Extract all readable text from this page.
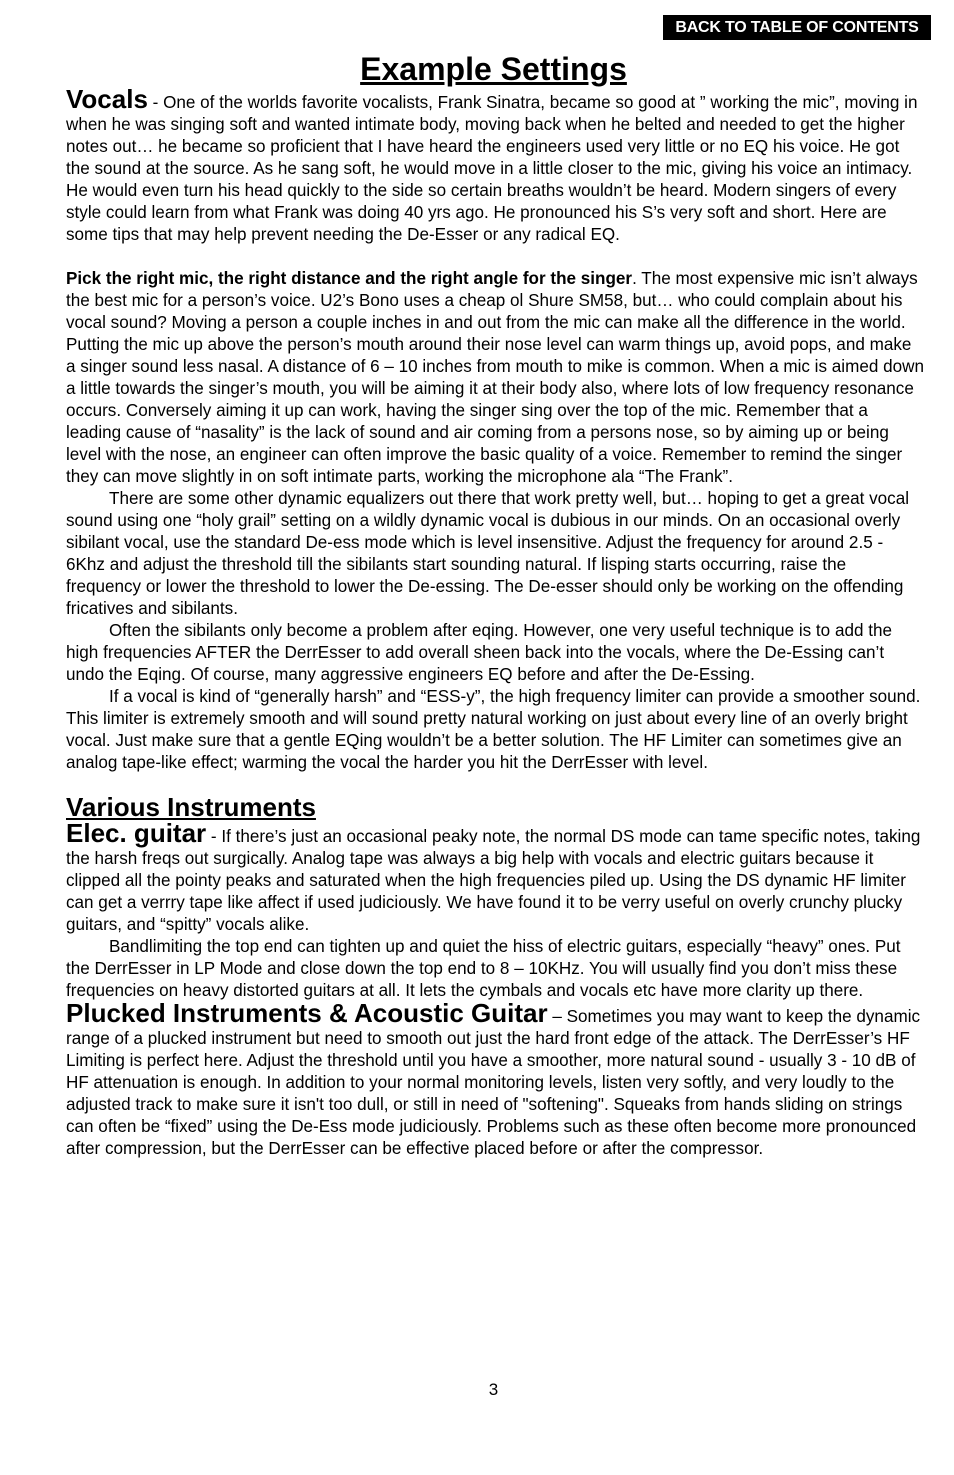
BACK TO TABLE OF CONTENTS
Example Settings

Vocals - One of the worlds favorite vocalists, Frank Sinatra, became so good at ” working the mic”, moving in when he was singing soft and wanted intimate body, moving back when he belted and needed to get the higher notes out… he became so proficient that I have heard the engineers used very little or no EQ his voice. He got the sound at the source. As he sang soft, he would move in a little closer to the mic, giving his voice an intimacy. He would even turn his head quickly to the side so certain breaths wouldn’t be heard. Modern singers of every style could learn from what Frank was doing 40 yrs ago. He pronounced his S’s very soft and short. Here are some tips that may help prevent needing the De-Esser or any radical EQ.

Pick the right mic, the right distance and the right angle for the singer. The most expensive mic isn’t always the best mic for a person’s voice. U2’s Bono uses a cheap ol Shure SM58, but… who could complain about his vocal sound? Moving a person a couple inches in and out from the mic can make all the difference in the world. Putting the mic up above the person’s mouth around their nose level can warm things up, avoid pops, and make a singer sound less nasal. A distance of 6 – 10 inches from mouth to mike is common. When a mic is aimed down a little towards the singer’s mouth, you will be aiming it at their body also, where lots of low frequency resonance occurs. Conversely aiming it up can work, having the singer sing over the top of the mic. Remember that a leading cause of “nasality” is the lack of sound and air coming from a persons nose, so by aiming up or being level with the nose, an engineer can often improve the basic quality of a voice. Remember to remind the singer they can move slightly in on soft intimate parts, working the microphone ala “The Frank”.

There are some other dynamic equalizers out there that work pretty well, but… hoping to get a great vocal sound using one “holy grail” setting on a wildly dynamic vocal is dubious in our minds. On an occasional overly sibilant vocal, use the standard De-ess mode which is level insensitive. Adjust the frequency for around 2.5 - 6Khz and adjust the threshold till the sibilants start sounding natural. If lisping starts occurring, raise the frequency or lower the threshold to lower the De-essing. The De-esser should only be working on the offending fricatives and sibilants.

Often the sibilants only become a problem after eqing. However, one very useful technique is to add the high frequencies AFTER the DerrEsser to add overall sheen back into the vocals, where the De-Essing can’t undo the Eqing. Of course, many aggressive engineers EQ before and after the De-Essing.

If a vocal is kind of “generally harsh” and “ESS-y”, the high frequency limiter can provide a smoother sound. This limiter is extremely smooth and will sound pretty natural working on just about every line of an overly bright vocal. Just make sure that a gentle EQing wouldn’t be a better solution. The HF Limiter can sometimes give an analog tape-like effect; warming the vocal the harder you hit the DerrEsser with level.

Various Instruments

Elec. guitar - If there’s just an occasional peaky note, the normal DS mode can tame specific notes, taking the harsh freqs out surgically. Analog tape was always a big help with vocals and electric guitars because it clipped all the pointy peaks and saturated when the high frequencies piled up. Using the DS dynamic HF limiter can get a verrry tape like affect if used judiciously. We have found it to be verry useful on overly crunchy plucky guitars, and “spitty” vocals alike.

Bandlimiting the top end can tighten up and quiet the hiss of electric guitars, especially “heavy” ones. Put the DerrEsser in LP Mode and close down the top end to 8 – 10KHz. You will usually find you don’t miss these frequencies on heavy distorted guitars at all. It lets the cymbals and vocals etc have more clarity up there.

Plucked Instruments & Acoustic Guitar – Sometimes you may want to keep the dynamic range of a plucked instrument but need to smooth out just the hard front edge of the attack. The DerrEsser’s HF Limiting is perfect here. Adjust the threshold until you have a smoother, more natural sound - usually 3 - 10 dB of HF attenuation is enough. In addition to your normal monitoring levels, listen very softly, and very loudly to the adjusted track to make sure it isn't too dull, or still in need of "softening". Squeaks from hands sliding on strings can often be “fixed” using the De-Ess mode judiciously. Problems such as these often become more pronounced after compression, but the DerrEsser can be effective placed before or after the compressor.

3
